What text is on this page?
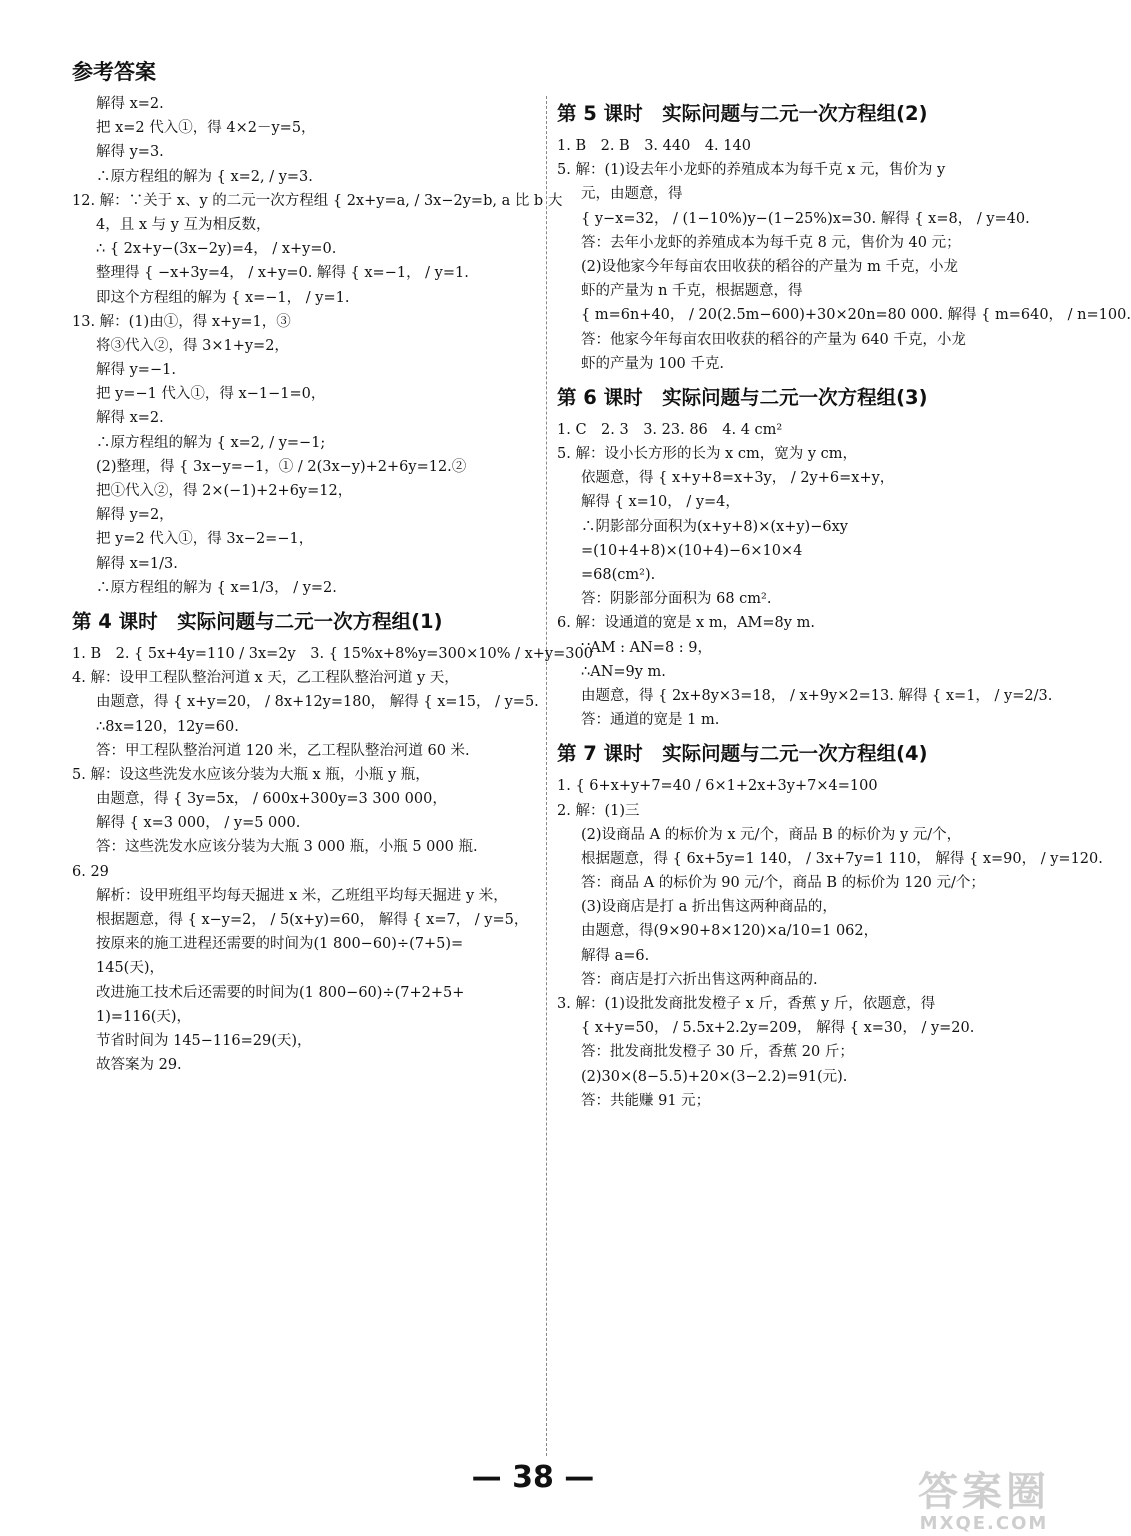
参考答案
解得 x=2.
把 x=2 代入①，得 4×2－y=5，
解得 y=3.
∴原方程组的解为 { x=2, / y=3.
12. 解：∵关于 x、y 的二元一次方程组 { 2x+y=a, / 3x−2y=b, a 比 b 大
4，且 x 与 y 互为相反数，
∴ { 2x+y−(3x−2y)=4， / x+y=0.
整理得 { −x+3y=4， / x+y=0. 解得 { x=−1， / y=1.
即这个方程组的解为 { x=−1， / y=1.
13. 解：(1)由①，得 x+y=1，③
将③代入②，得 3×1+y=2，
解得 y=−1.
把 y=−1 代入①，得 x−1−1=0，
解得 x=2.
∴原方程组的解为 { x=2, / y=−1;
(2)整理，得 { 3x−y=−1，① / 2(3x−y)+2+6y=12.②
把①代入②，得 2×(−1)+2+6y=12，
解得 y=2，
把 y=2 代入①，得 3x−2=−1，
解得 x=1/3.
∴原方程组的解为 { x=1/3， / y=2.
第 4 课时　实际问题与二元一次方程组(1)
1. B　2. { 5x+4y=110 / 3x=2y　3. { 15%x+8%y=300×10% / x+y=300
4. 解：设甲工程队整治河道 x 天，乙工程队整治河道 y 天，
由题意，得 { x+y=20， / 8x+12y=180， 解得 { x=15， / y=5.
∴8x=120，12y=60.
答：甲工程队整治河道 120 米，乙工程队整治河道 60 米.
5. 解：设这些洗发水应该分装为大瓶 x 瓶，小瓶 y 瓶，
由题意，得 { 3y=5x， / 600x+300y=3 300 000，
解得 { x=3 000， / y=5 000.
答：这些洗发水应该分装为大瓶 3 000 瓶，小瓶 5 000 瓶.
6. 29
解析：设甲班组平均每天掘进 x 米，乙班组平均每天掘进 y 米，
根据题意，得 { x−y=2， / 5(x+y)=60， 解得 { x=7， / y=5，
按原来的施工进程还需要的时间为(1 800−60)÷(7+5)=
145(天)，
改进施工技术后还需要的时间为(1 800−60)÷(7+2+5+
1)=116(天)，
节省时间为 145−116=29(天)，
故答案为 29.
第 5 课时　实际问题与二元一次方程组(2)
1. B　2. B　3. 440　4. 140
5. 解：(1)设去年小龙虾的养殖成本为每千克 x 元，售价为 y
元，由题意，得
{ y−x=32， / (1−10%)y−(1−25%)x=30. 解得 { x=8， / y=40.
答：去年小龙虾的养殖成本为每千克 8 元，售价为 40 元；
(2)设他家今年每亩农田收获的稻谷的产量为 m 千克，小龙
虾的产量为 n 千克，根据题意，得
{ m=6n+40， / 20(2.5m−600)+30×20n=80 000. 解得 { m=640， / n=100.
答：他家今年每亩农田收获的稻谷的产量为 640 千克，小龙
虾的产量为 100 千克.
第 6 课时　实际问题与二元一次方程组(3)
1. C　2. 3　3. 23. 86　4. 4 cm²
5. 解：设小长方形的长为 x cm，宽为 y cm，
依题意，得 { x+y+8=x+3y， / 2y+6=x+y，
解得 { x=10， / y=4，
∴阴影部分面积为(x+y+8)×(x+y)−6xy
=(10+4+8)×(10+4)−6×10×4
=68(cm²).
答：阴影部分面积为 68 cm².
6. 解：设通道的宽是 x m，AM=8y m.
∵AM : AN=8 : 9，
∴AN=9y m.
由题意，得 { 2x+8y×3=18， / x+9y×2=13. 解得 { x=1， / y=2/3.
答：通道的宽是 1 m.
第 7 课时　实际问题与二元一次方程组(4)
1. { 6+x+y+7=40 / 6×1+2x+3y+7×4=100
2. 解：(1)三
(2)设商品 A 的标价为 x 元/个，商品 B 的标价为 y 元/个，
根据题意，得 { 6x+5y=1 140， / 3x+7y=1 110， 解得 { x=90， / y=120.
答：商品 A 的标价为 90 元/个，商品 B 的标价为 120 元/个；
(3)设商店是打 a 折出售这两种商品的，
由题意，得(9×90+8×120)×a/10=1 062，
解得 a=6.
答：商店是打六折出售这两种商品的.
3. 解：(1)设批发商批发橙子 x 斤，香蕉 y 斤，依题意，得
{ x+y=50， / 5.5x+2.2y=209， 解得 { x=30， / y=20.
答：批发商批发橙子 30 斤，香蕉 20 斤；
(2)30×(8−5.5)+20×(3−2.2)=91(元).
答：共能赚 91 元；
— 38 —	答案圈
MXQE.COM
